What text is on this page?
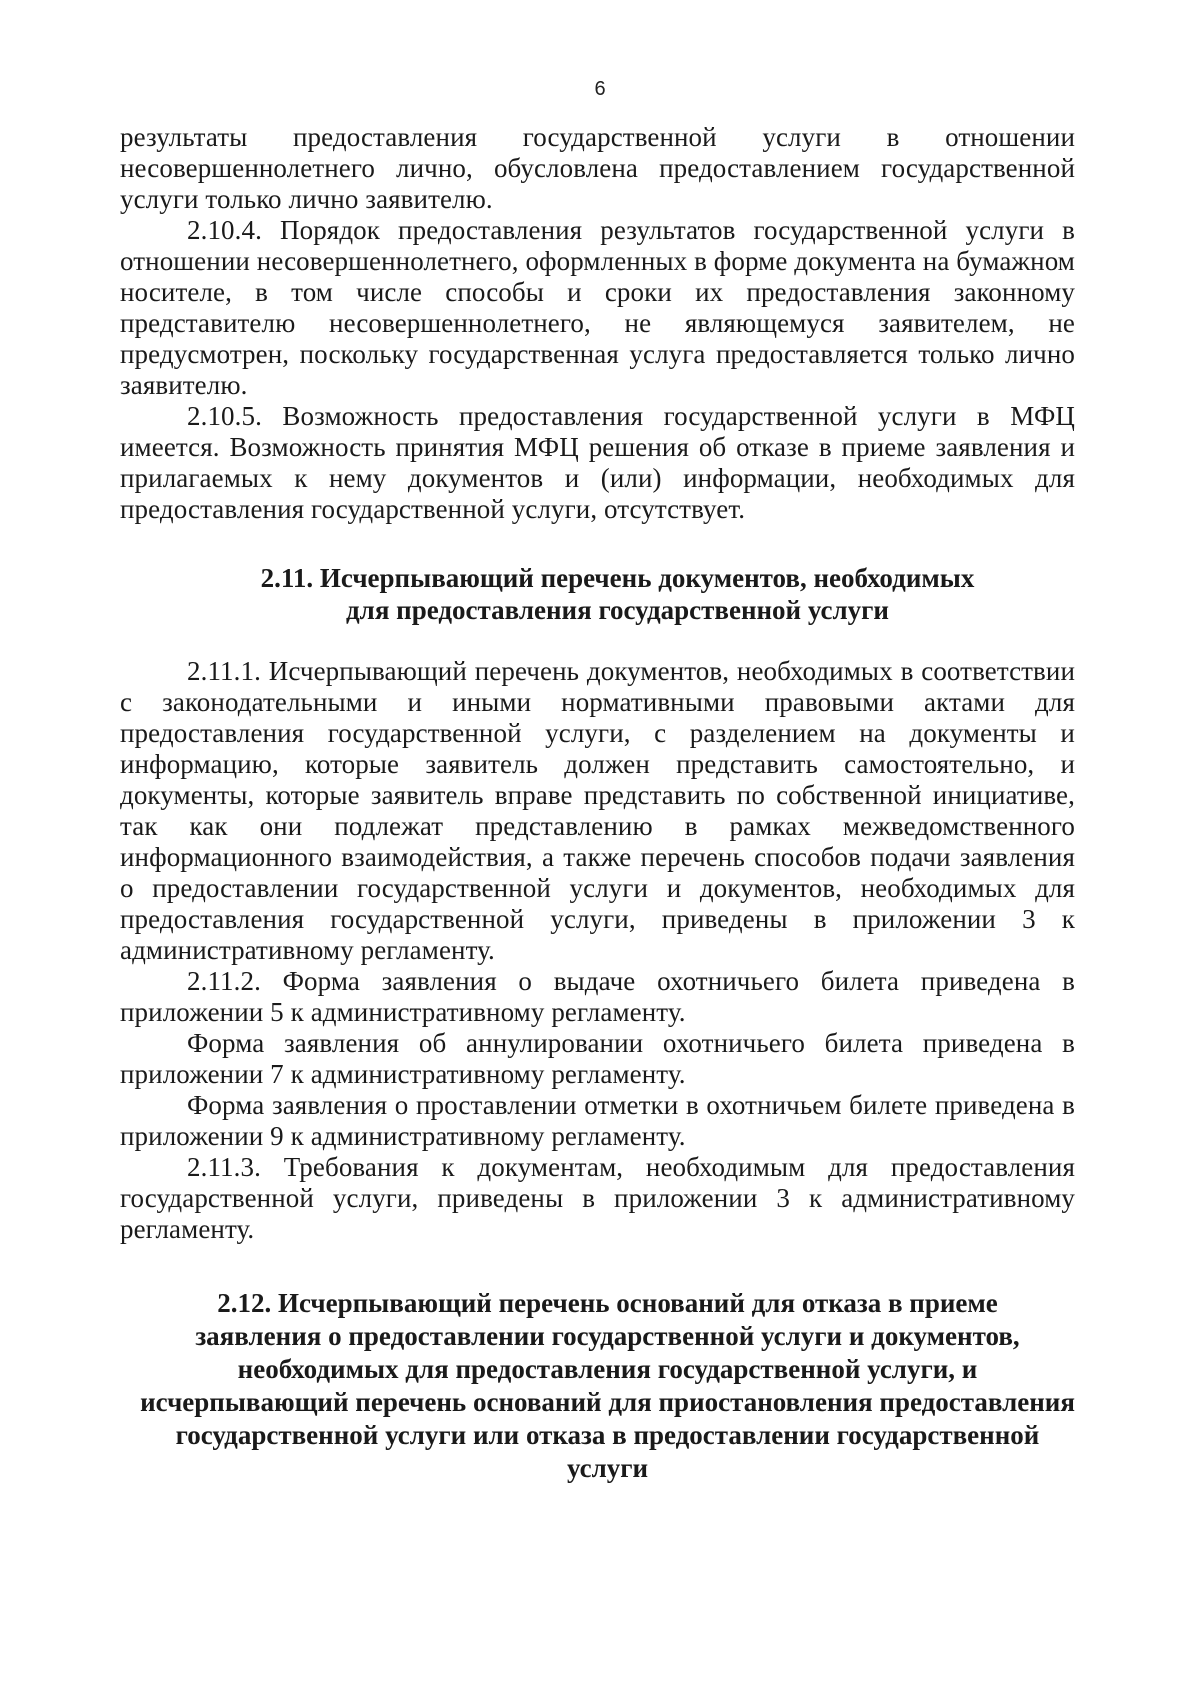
6

результаты предоставления государственной услуги в отношении несовершеннолетнего лично, обусловлена предоставлением государственной услуги только лично заявителю.

2.10.4. Порядок предоставления результатов государственной услуги в отношении несовершеннолетнего, оформленных в форме документа на бумажном носителе, в том числе способы и сроки их предоставления законному представителю несовершеннолетнего, не являющемуся заявителем, не предусмотрен, поскольку государственная услуга предоставляется только лично заявителю.

2.10.5. Возможность предоставления государственной услуги в МФЦ имеется. Возможность принятия МФЦ решения об отказе в приеме заявления и прилагаемых к нему документов и (или) информации, необходимых для предоставления государственной услуги, отсутствует.

2.11. Исчерпывающий перечень документов, необходимых
для предоставления государственной услуги

2.11.1. Исчерпывающий перечень документов, необходимых в соответствии с законодательными и иными нормативными правовыми актами для предоставления государственной услуги, с разделением на документы и информацию, которые заявитель должен представить самостоятельно, и документы, которые заявитель вправе представить по собственной инициативе, так как они подлежат представлению в рамках межведомственного информационного взаимодействия, а также перечень способов подачи заявления о предоставлении государственной услуги и документов, необходимых для предоставления государственной услуги, приведены в приложении 3 к административному регламенту.

2.11.2. Форма заявления о выдаче охотничьего билета приведена в приложении 5 к административному регламенту.

Форма заявления об аннулировании охотничьего билета приведена в приложении 7 к административному регламенту.

Форма заявления о проставлении отметки в охотничьем билете приведена в приложении 9 к административному регламенту.

2.11.3. Требования к документам, необходимым для предоставления государственной услуги, приведены в приложении 3 к административному регламенту.

2.12. Исчерпывающий перечень оснований для отказа в приеме
заявления о предоставлении государственной услуги и документов,
необходимых для предоставления государственной услуги, и
исчерпывающий перечень оснований для приостановления предоставления
государственной услуги или отказа в предоставлении государственной
услуги
